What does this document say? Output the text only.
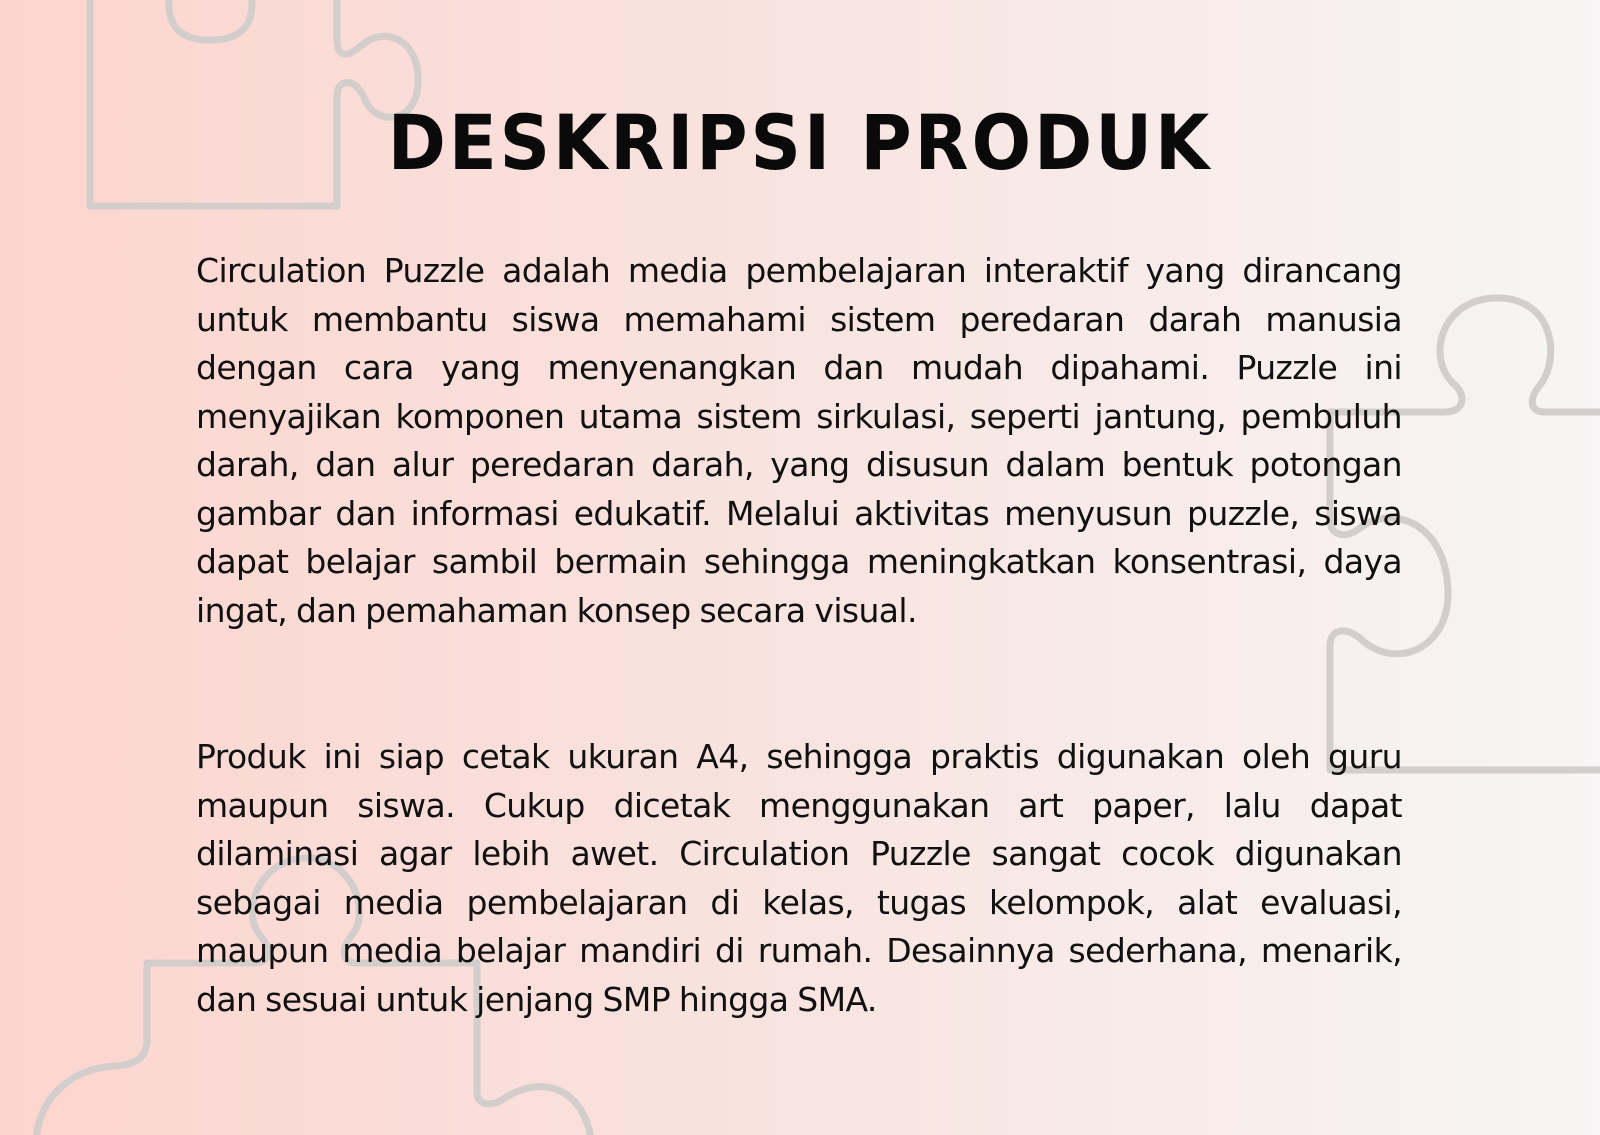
DESKRIPSI PRODUK

Circulation Puzzle adalah media pembelajaran interaktif yang dirancang untuk membantu siswa memahami sistem peredaran darah manusia dengan cara yang menyenangkan dan mudah dipahami. Puzzle ini menyajikan komponen utama sistem sirkulasi, seperti jantung, pembuluh darah, dan alur peredaran darah, yang disusun dalam bentuk potongan gambar dan informasi edukatif. Melalui aktivitas menyusun puzzle, siswa dapat belajar sambil bermain sehingga meningkatkan konsentrasi, daya ingat, dan pemahaman konsep secara visual.

Produk ini siap cetak ukuran A4, sehingga praktis digunakan oleh guru maupun siswa. Cukup dicetak menggunakan art paper, lalu dapat dilaminasi agar lebih awet. Circulation Puzzle sangat cocok digunakan sebagai media pembelajaran di kelas, tugas kelompok, alat evaluasi, maupun media belajar mandiri di rumah. Desainnya sederhana, menarik, dan sesuai untuk jenjang SMP hingga SMA.
